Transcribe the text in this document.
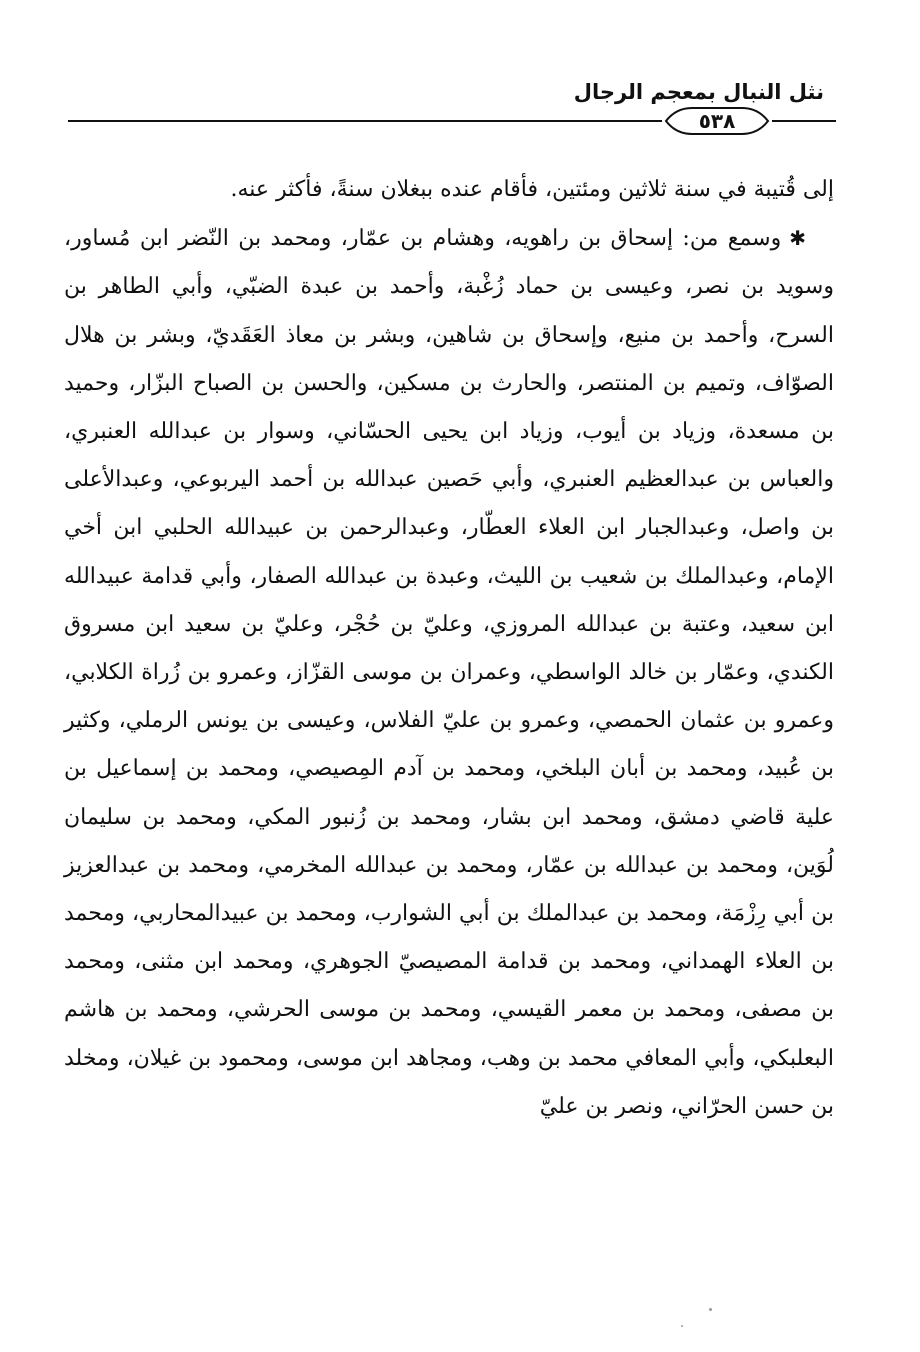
نثل النبال بمعجم الرجال
٥٣٨

إلى قُتيبة في سنة ثلاثين ومئتين، فأقام عنده ببغلان سنةً، فأكثر عنه.

✱وسمع من: إسحاق بن راهويه، وهشام بن عمّار، ومحمد بن النّضر ابن مُساور، وسويد بن نصر، وعيسى بن حماد زُغْبة، وأحمد بن عبدة الضبّي، وأبي الطاهر بن السرح، وأحمد بن منيع، وإسحاق بن شاهين، وبشر بن معاذ العَقَديّ، وبشر بن هلال الصوّاف، وتميم بن المنتصر، والحارث بن مسكين، والحسن بن الصباح البزّار، وحميد بن مسعدة، وزياد بن أيوب، وزياد ابن يحيى الحسّاني، وسوار بن عبدالله العنبري، والعباس بن عبدالعظيم العنبري، وأبي حَصين عبدالله بن أحمد اليربوعي، وعبدالأعلى بن واصل، وعبدالجبار ابن العلاء العطّار، وعبدالرحمن بن عبيدالله الحلبي ابن أخي الإمام، وعبدالملك بن شعيب بن الليث، وعبدة بن عبدالله الصفار، وأبي قدامة عبيدالله ابن سعيد، وعتبة بن عبدالله المروزي، وعليّ بن حُجْر، وعليّ بن سعيد ابن مسروق الكندي، وعمّار بن خالد الواسطي، وعمران بن موسى القزّاز، وعمرو بن زُراة الكلابي، وعمرو بن عثمان الحمصي، وعمرو بن عليّ الفلاس، وعيسى بن يونس الرملي، وكثير بن عُبيد، ومحمد بن أبان البلخي، ومحمد بن آدم المِصيصي، ومحمد بن إسماعيل بن علية قاضي دمشق، ومحمد ابن بشار، ومحمد بن زُنبور المكي، ومحمد بن سليمان لُوَين، ومحمد بن عبدالله بن عمّار، ومحمد بن عبدالله المخرمي، ومحمد بن عبدالعزيز بن أبي رِزْمَة، ومحمد بن عبدالملك بن أبي الشوارب، ومحمد بن عبيدالمحاربي، ومحمد بن العلاء الهمداني، ومحمد بن قدامة المصيصيّ الجوهري، ومحمد ابن مثنى، ومحمد بن مصفى، ومحمد بن معمر القيسي، ومحمد بن موسى الحرشي، ومحمد بن هاشم البعلبكي، وأبي المعافي محمد بن وهب، ومجاهد ابن موسى، ومحمود بن غيلان، ومخلد بن حسن الحرّاني، ونصر بن عليّ
